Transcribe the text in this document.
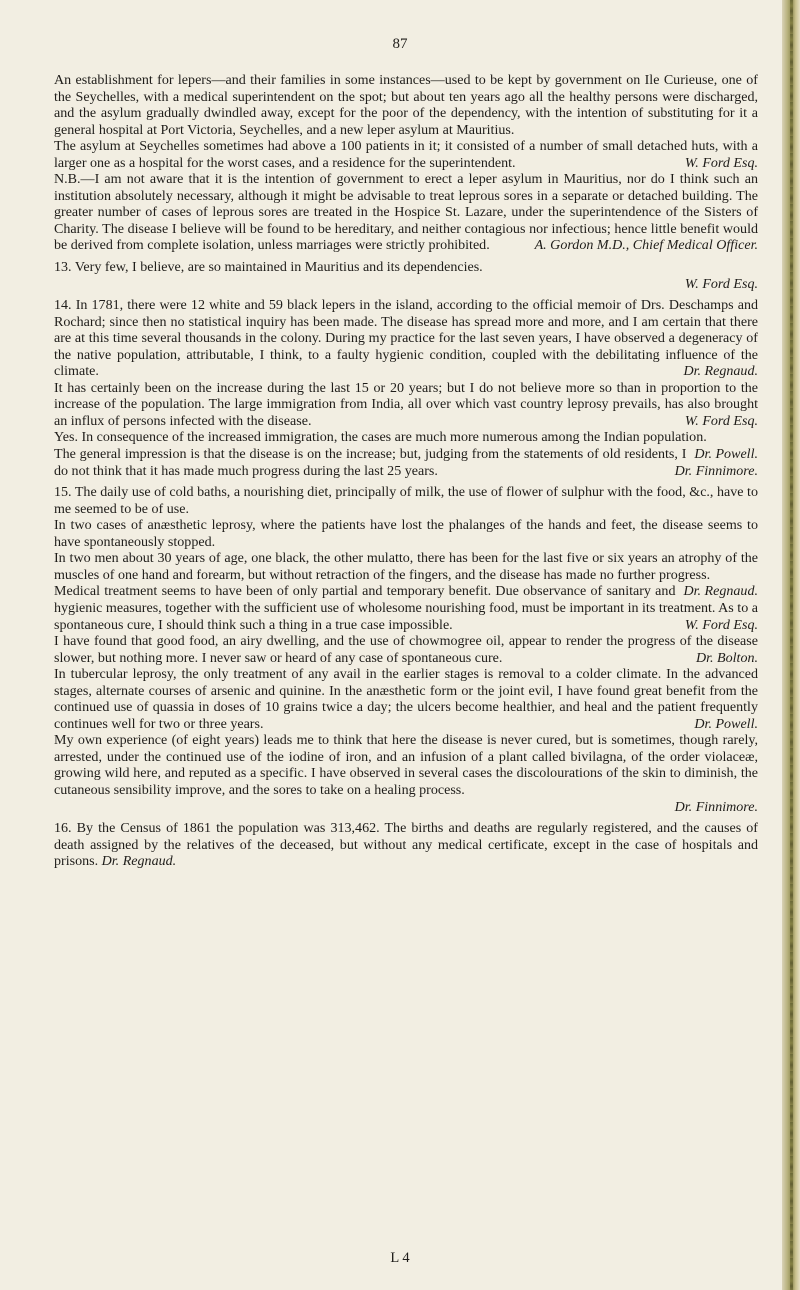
87

An establishment for lepers—and their families in some instances—used to be kept by government on Ile Curieuse, one of the Seychelles, with a medical superintendent on the spot; but about ten years ago all the healthy persons were discharged, and the asylum gradually dwindled away, except for the poor of the dependency, with the intention of substituting for it a general hospital at Port Victoria, Seychelles, and a new leper asylum at Mauritius.

The asylum at Seychelles sometimes had above a 100 patients in it; it consisted of a number of small detached huts, with a larger one as a hospital for the worst cases, and a residence for the superintendent.	W. Ford Esq.

N.B.—I am not aware that it is the intention of government to erect a leper asylum in Mauritius, nor do I think such an institution absolutely necessary, although it might be advisable to treat leprous sores in a separate or detached building. The greater number of cases of leprous sores are treated in the Hospice St. Lazare, under the superintendence of the Sisters of Charity. The disease I believe will be found to be hereditary, and neither contagious nor infectious; hence little benefit would be derived from complete isolation, unless marriages were strictly prohibited.	A. Gordon M.D., Chief Medical Officer.

13. Very few, I believe, are so maintained in Mauritius and its dependencies.

W. Ford Esq.

14. In 1781, there were 12 white and 59 black lepers in the island, according to the official memoir of Drs. Deschamps and Rochard; since then no statistical inquiry has been made. The disease has spread more and more, and I am certain that there are at this time several thousands in the colony. During my practice for the last seven years, I have observed a degeneracy of the native population, attributable, I think, to a faulty hygienic condition, coupled with the debilitating influence of the climate.	Dr. Regnaud.

It has certainly been on the increase during the last 15 or 20 years; but I do not believe more so than in proportion to the increase of the population. The large immigration from India, all over which vast country leprosy prevails, has also brought an influx of persons infected with the disease.	W. Ford Esq.

Yes. In consequence of the increased immigration, the cases are much more numerous among the Indian population.
Dr. Powell.

The general impression is that the disease is on the increase; but, judging from the statements of old residents, I do not think that it has made much progress during the last 25 years.	Dr. Finnimore.

15. The daily use of cold baths, a nourishing diet, principally of milk, the use of flower of sulphur with the food, &c., have to me seemed to be of use.

In two cases of anæsthetic leprosy, where the patients have lost the phalanges of the hands and feet, the disease seems to have spontaneously stopped.

In two men about 30 years of age, one black, the other mulatto, there has been for the last five or six years an atrophy of the muscles of one hand and forearm, but without retraction of the fingers, and the disease has made no further progress.
Dr. Regnaud.

Medical treatment seems to have been of only partial and temporary benefit. Due observance of sanitary and hygienic measures, together with the sufficient use of wholesome nourishing food, must be important in its treatment. As to a spontaneous cure, I should think such a thing in a true case impossible.	W. Ford Esq.

I have found that good food, an airy dwelling, and the use of chowmogree oil, appear to render the progress of the disease slower, but nothing more. I never saw or heard of any case of spontaneous cure.	Dr. Bolton.

In tubercular leprosy, the only treatment of any avail in the earlier stages is removal to a colder climate. In the advanced stages, alternate courses of arsenic and quinine. In the anæsthetic form or the joint evil, I have found great benefit from the continued use of quassia in doses of 10 grains twice a day; the ulcers become healthier, and heal and the patient frequently continues well for two or three years.	Dr. Powell.

My own experience (of eight years) leads me to think that here the disease is never cured, but is sometimes, though rarely, arrested, under the continued use of the iodine of iron, and an infusion of a plant called bivilagna, of the order violaceæ, growing wild here, and reputed as a specific. I have observed in several cases the discolourations of the skin to diminish, the cutaneous sensibility improve, and the sores to take on a healing process.

Dr. Finnimore.

16. By the Census of 1861 the population was 313,462. The births and deaths are regularly registered, and the causes of death assigned by the relatives of the deceased, but without any medical certificate, except in the case of hospitals and prisons. Dr. Regnaud.

L 4
